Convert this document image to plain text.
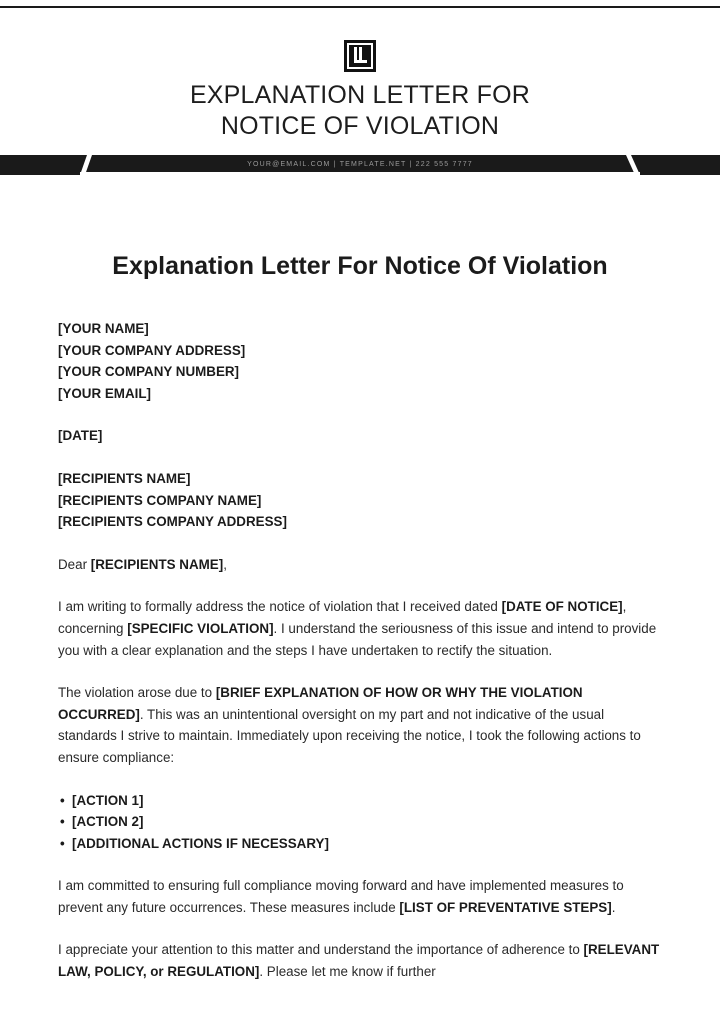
EXPLANATION LETTER FOR
NOTICE OF VIOLATION
YOUR@EMAIL.COM | TEMPLATE.NET | 222 555 7777
Explanation Letter For Notice Of Violation
[YOUR NAME]
[YOUR COMPANY ADDRESS]
[YOUR COMPANY NUMBER]
[YOUR EMAIL]
[DATE]
[RECIPIENTS NAME]
[RECIPIENTS COMPANY NAME]
[RECIPIENTS COMPANY ADDRESS]

Dear [RECIPIENTS NAME],

I am writing to formally address the notice of violation that I received dated [DATE OF NOTICE], concerning [SPECIFIC VIOLATION]. I understand the seriousness of this issue and intend to provide you with a clear explanation and the steps I have undertaken to rectify the situation.

The violation arose due to [BRIEF EXPLANATION OF HOW OR WHY THE VIOLATION OCCURRED]. This was an unintentional oversight on my part and not indicative of the usual standards I strive to maintain. Immediately upon receiving the notice, I took the following actions to ensure compliance:

• [ACTION 1]
• [ACTION 2]
• [ADDITIONAL ACTIONS IF NECESSARY]

I am committed to ensuring full compliance moving forward and have implemented measures to prevent any future occurrences. These measures include [LIST OF PREVENTATIVE STEPS].

I appreciate your attention to this matter and understand the importance of adherence to [RELEVANT LAW, POLICY, or REGULATION]. Please let me know if further
